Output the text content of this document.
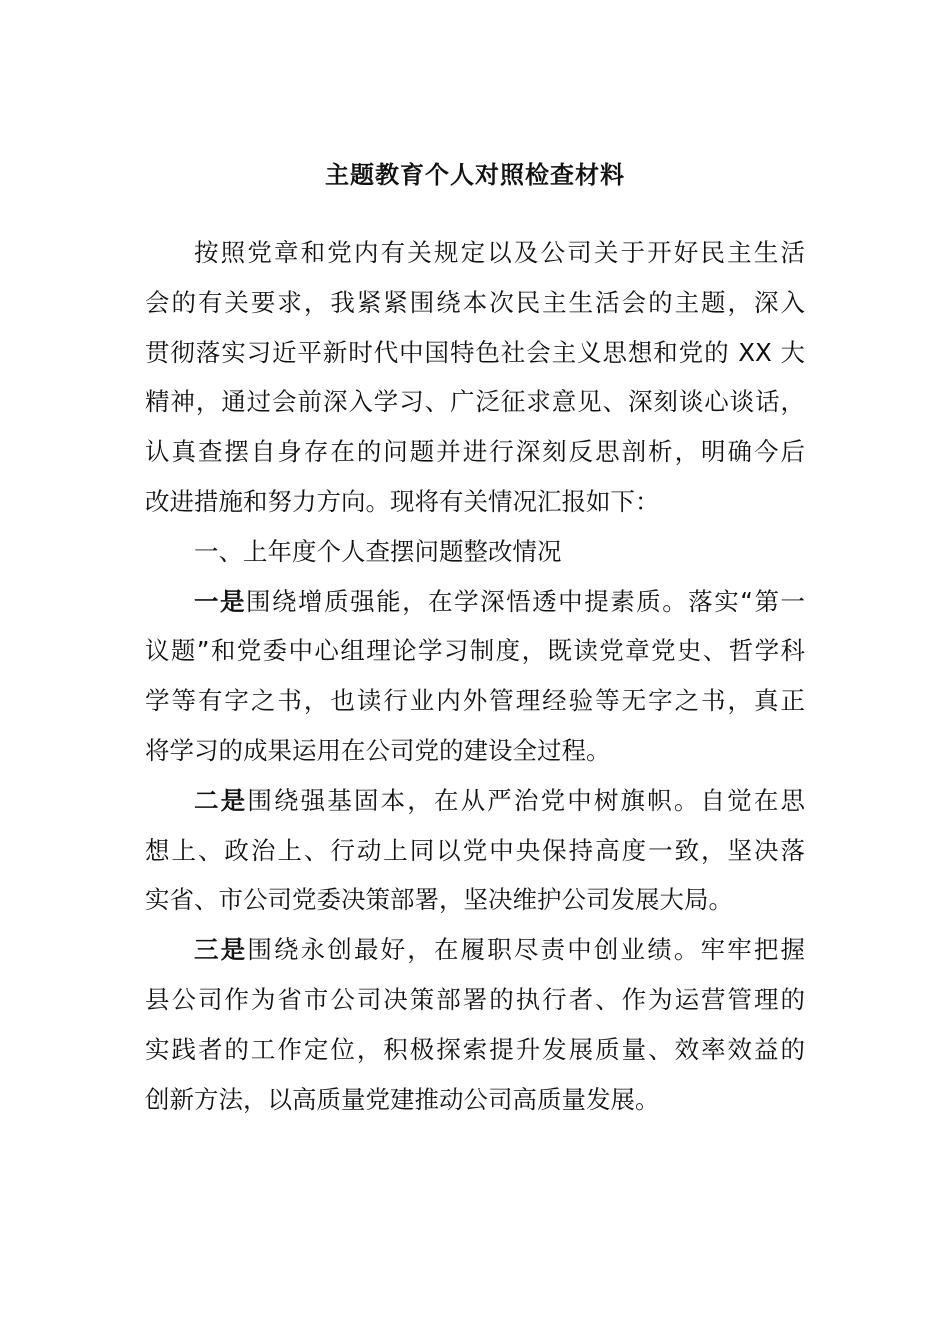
主题教育个人对照检查材料
按照党章和党内有关规定以及公司关于开好民主生活
会的有关要求，我紧紧围绕本次民主生活会的主题，深入
贯彻落实习近平新时代中国特色社会主义思想和党的 XX 大
精神，通过会前深入学习、广泛征求意见、深刻谈心谈话，
认真查摆自身存在的问题并进行深刻反思剖析，明确今后
改进措施和努力方向。现将有关情况汇报如下：
一、上年度个人查摆问题整改情况
一是围绕增质强能，在学深悟透中提素质。落实“第一
议题”和党委中心组理论学习制度，既读党章党史、哲学科
学等有字之书，也读行业内外管理经验等无字之书，真正
将学习的成果运用在公司党的建设全过程。
二是围绕强基固本，在从严治党中树旗帜。自觉在思
想上、政治上、行动上同以党中央保持高度一致，坚决落
实省、市公司党委决策部署，坚决维护公司发展大局。
三是围绕永创最好，在履职尽责中创业绩。牢牢把握
县公司作为省市公司决策部署的执行者、作为运营管理的
实践者的工作定位，积极探索提升发展质量、效率效益的
创新方法，以高质量党建推动公司高质量发展。
